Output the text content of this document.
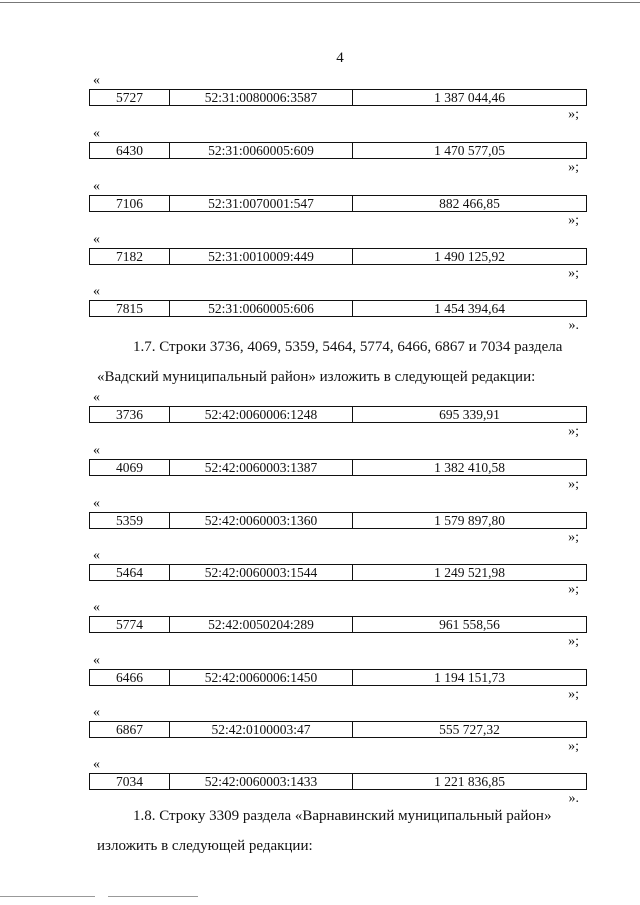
4
«
5727	52:31:0080006:3587	1 387 044,46
»;
«
6430	52:31:0060005:609	1 470 577,05
»;
«
7106	52:31:0070001:547	882 466,85
»;
«
7182	52:31:0010009:449	1 490 125,92
»;
«
7815	52:31:0060005:606	1 454 394,64
».
1.7. Строки 3736, 4069, 5359, 5464, 5774, 6466, 6867 и 7034 раздела
«Вадский муниципальный район» изложить в следующей редакции:
«
3736	52:42:0060006:1248	695 339,91
»;
«
4069	52:42:0060003:1387	1 382 410,58
»;
«
5359	52:42:0060003:1360	1 579 897,80
»;
«
5464	52:42:0060003:1544	1 249 521,98
»;
«
5774	52:42:0050204:289	961 558,56
»;
«
6466	52:42:0060006:1450	1 194 151,73
»;
«
6867	52:42:0100003:47	555 727,32
»;
«
7034	52:42:0060003:1433	1 221 836,85
».
1.8. Строку 3309 раздела «Варнавинский муниципальный район»
изложить в следующей редакции:
